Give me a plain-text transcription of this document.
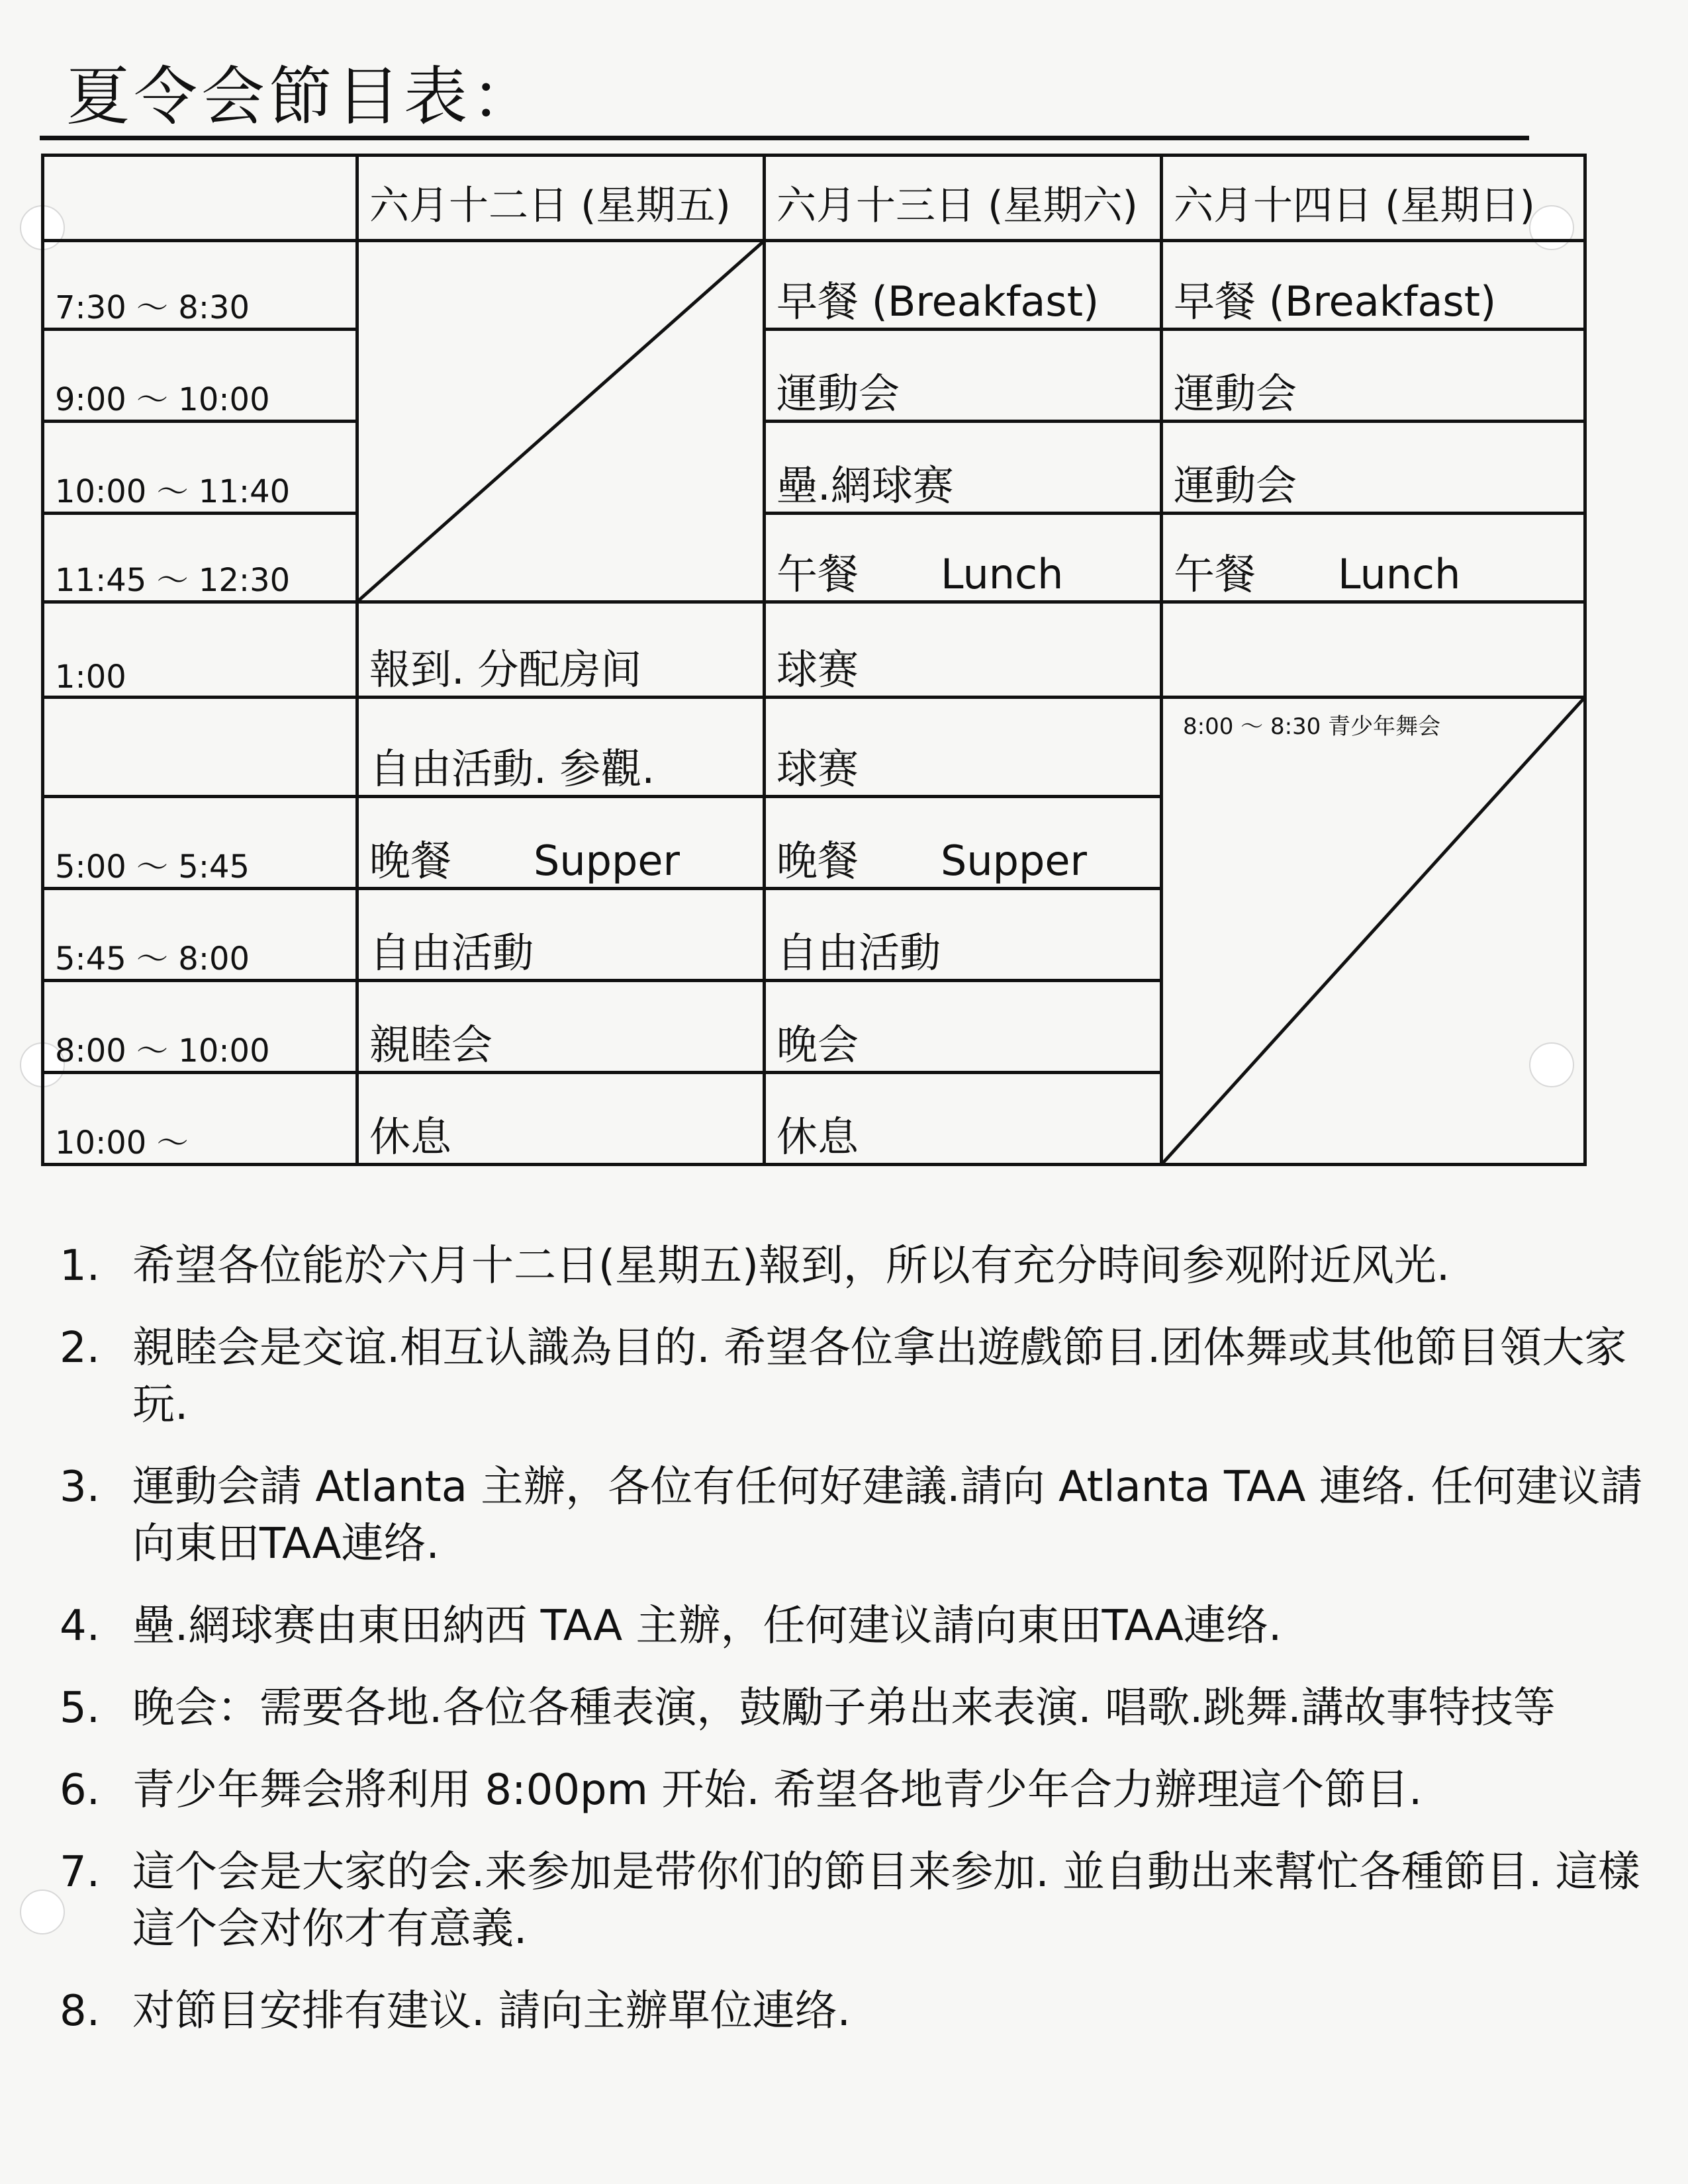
夏令会節目表：
	六月十二日 (星期五)	六月十三日 (星期六)	六月十四日 (星期日)
7:30 ～ 8:30		早餐 (Breakfast)	早餐 (Breakfast)
9:00 ～ 10:00		運動会	運動会
10:00 ～ 11:40		壘.網球赛	運動会
11:45 ～ 12:30		午餐　　Lunch	午餐　　Lunch
1:00	報到. 分配房间	球赛	
	自由活動. 参觀.	球赛	8:00 ～ 8:30 青少年舞会

5:00 ～ 5:45	晚餐　　Supper	晚餐　　Supper	
5:45 ～ 8:00	自由活動	自由活動	
8:00 ～ 10:00	親睦会	晚会	
10:00 ～	休息	休息	
1. 希望各位能於六月十二日(星期五)報到，所以有充分時间参观附近风光.
2. 親睦会是交谊.相互认識為目的. 希望各位拿出遊戲節目.团体舞或其他節目領大家玩.
3. 運動会請 Atlanta 主辦，各位有任何好建議.請向 Atlanta TAA 連络. 任何建议請向東田TAA連络.
4. 壘.網球赛由東田納西 TAA 主辦，任何建议請向東田TAA連络.
5. 晚会：需要各地.各位各種表演，鼓勵子弟出来表演. 唱歌.跳舞.講故事特技等
6. 青少年舞会將利用 8:00pm 开始. 希望各地青少年合力辦理這个節目.
7. 這个会是大家的会.来参加是带你们的節目来参加. 並自動出来幫忙各種節目. 這樣這个会对你才有意義.
8. 对節目安排有建议. 請向主辦單位連络.
